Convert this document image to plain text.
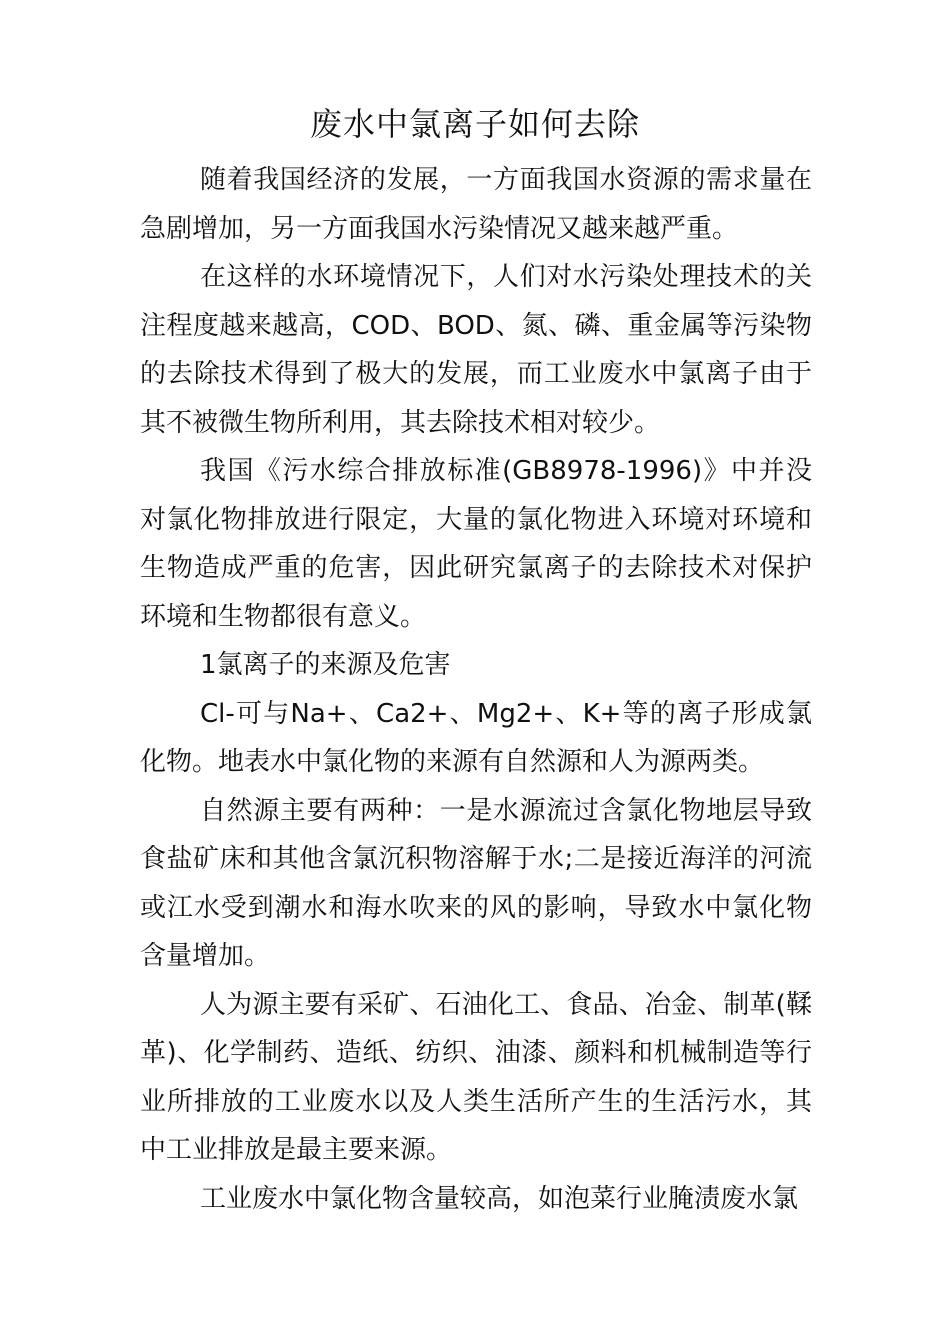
废水中氯离子如何去除

随着我国经济的发展，一方面我国水资源的需求量在急剧增加，另一方面我国水污染情况又越来越严重。

在这样的水环境情况下，人们对水污染处理技术的关注程度越来越高，COD、BOD、氮、磷、重金属等污染物的去除技术得到了极大的发展，而工业废水中氯离子由于其不被微生物所利用，其去除技术相对较少。

我国《污水综合排放标准(GB8978-1996)》中并没对氯化物排放进行限定，大量的氯化物进入环境对环境和生物造成严重的危害，因此研究氯离子的去除技术对保护环境和生物都很有意义。

1氯离子的来源及危害

Cl-可与Na+、Ca2+、Mg2+、K+等的离子形成氯化物。地表水中氯化物的来源有自然源和人为源两类。

自然源主要有两种：一是水源流过含氯化物地层导致食盐矿床和其他含氯沉积物溶解于水;二是接近海洋的河流或江水受到潮水和海水吹来的风的影响，导致水中氯化物含量增加。

人为源主要有采矿、石油化工、食品、冶金、制革(鞣革)、化学制药、造纸、纺织、油漆、颜料和机械制造等行业所排放的工业废水以及人类生活所产生的生活污水，其中工业排放是最主要来源。

工业废水中氯化物含量较高，如泡菜行业腌渍废水氯
